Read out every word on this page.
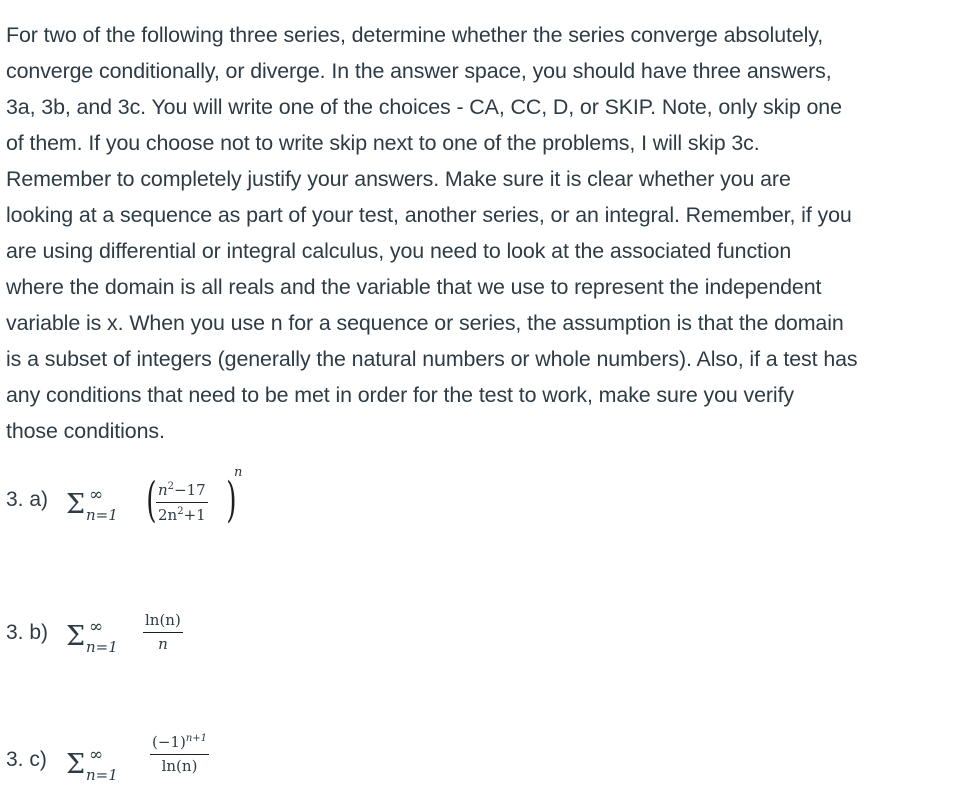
For two of the following three series, determine whether the series converge absolutely,
converge conditionally, or diverge. In the answer space, you should have three answers,
3a, 3b, and 3c. You will write one of the choices - CA, CC, D, or SKIP. Note, only skip one
of them. If you choose not to write skip next to one of the problems, I will skip 3c.
Remember to completely justify your answers. Make sure it is clear whether you are
looking at a sequence as part of your test, another series, or an integral. Remember, if you
are using differential or integral calculus, you need to look at the associated function
where the domain is all reals and the variable that we use to represent the independent
variable is x. When you use n for a sequence or series, the assumption is that the domain
is a subset of integers (generally the natural numbers or whole numbers). Also, if a test has
any conditions that need to be met in order for the test to work, make sure you verify
those conditions.
3. a) Σ ∞
n=1 ( $\frac{n^2-17}{2n^2+1}$ )
n
3. b) Σ ∞
$n=1 \frac{\ln(n)}{n}$
3. c) Σ ∞
n=1
$\frac{(-1)^{n+1}}{\ln(n)}$
